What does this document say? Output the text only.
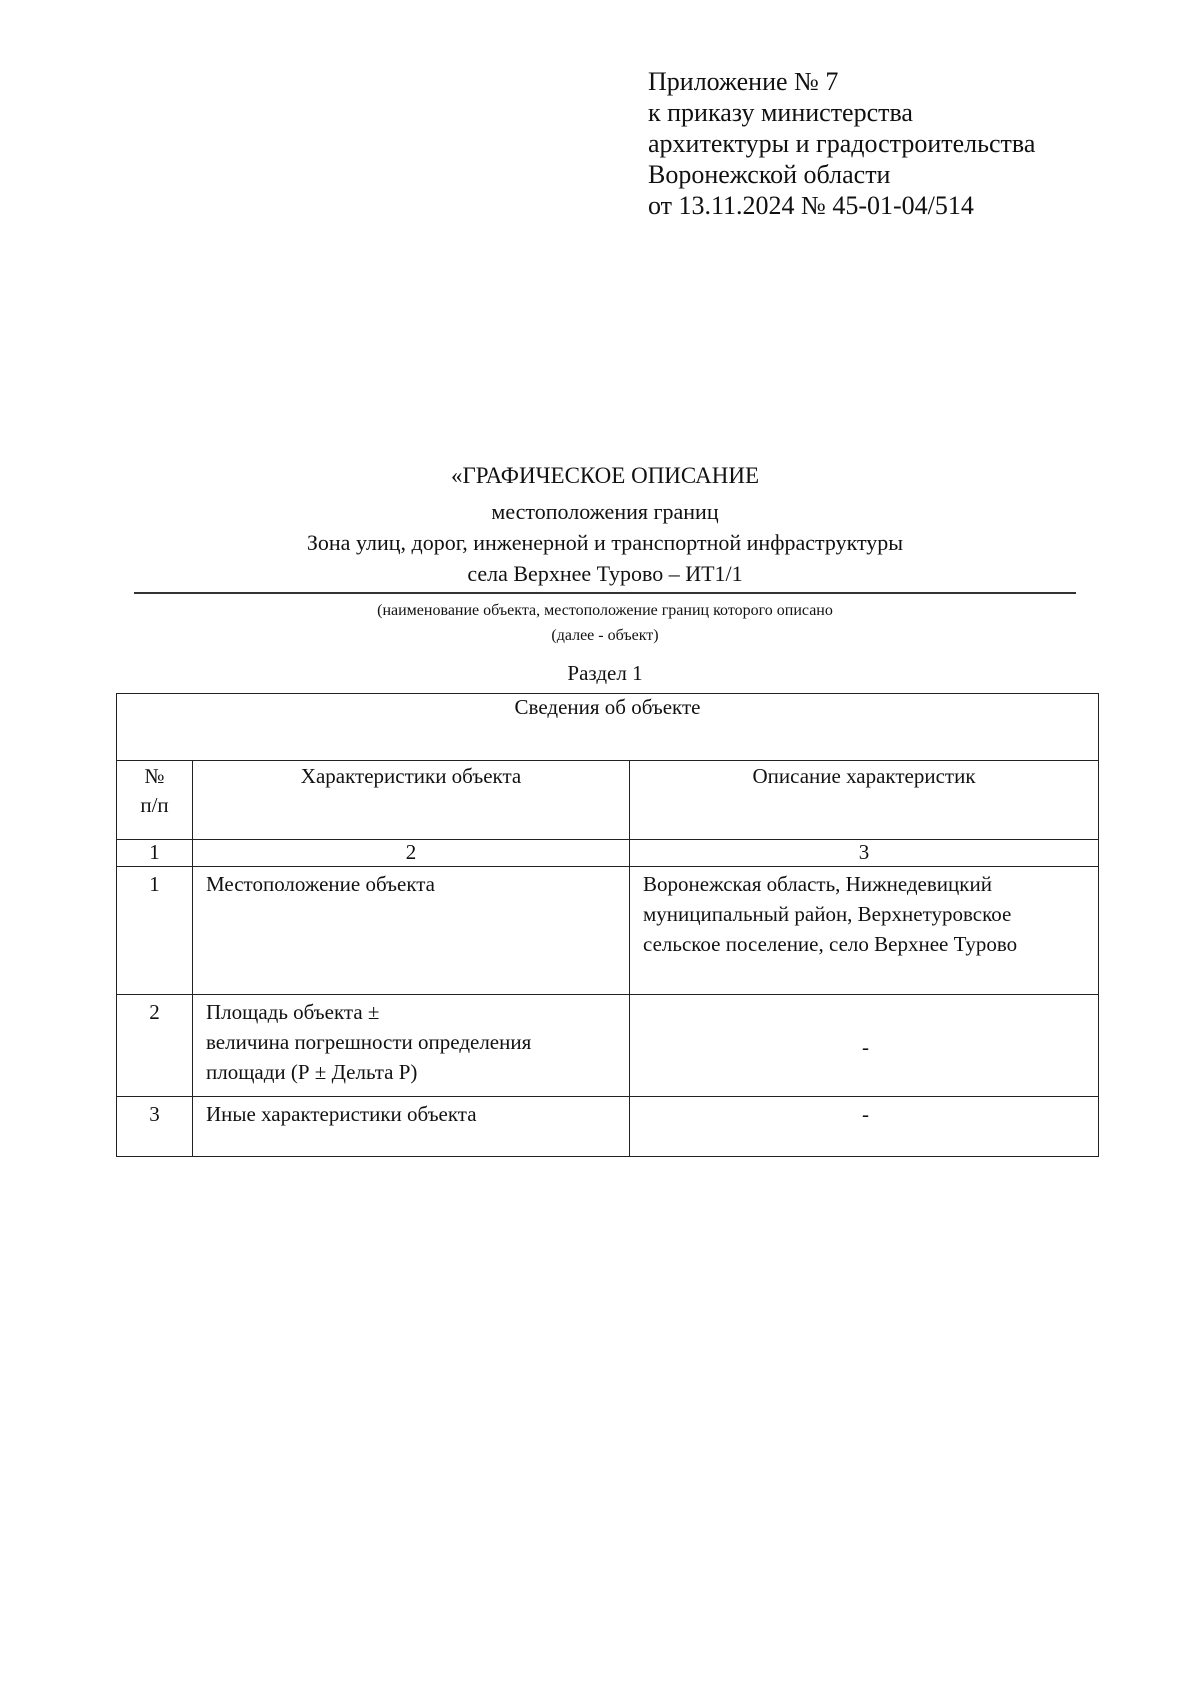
Приложение № 7
к приказу министерства
архитектуры и градостроительства
Воронежской области
от 13.11.2024 № 45-01-04/514
«ГРАФИЧЕСКОЕ ОПИСАНИЕ
местоположения границ
Зона улиц, дорог, инженерной и транспортной инфраструктуры
села Верхнее Турово – ИТ1/1
(наименование объекта, местоположение границ которого описано
(далее - объект)
Раздел 1
Сведения об объекте		

№
п/п	Характеристики объекта	Описание характеристик
1	2	3
1	Местоположение объекта	Воронежская область, Нижнедевицкий муниципальный район, Верхнетуровское сельское поселение, село Верхнее Турово
2	Площадь объекта ±
величина погрешности определения
площади (Р ± Дельта Р)	-
3	Иные характеристики объекта	-
